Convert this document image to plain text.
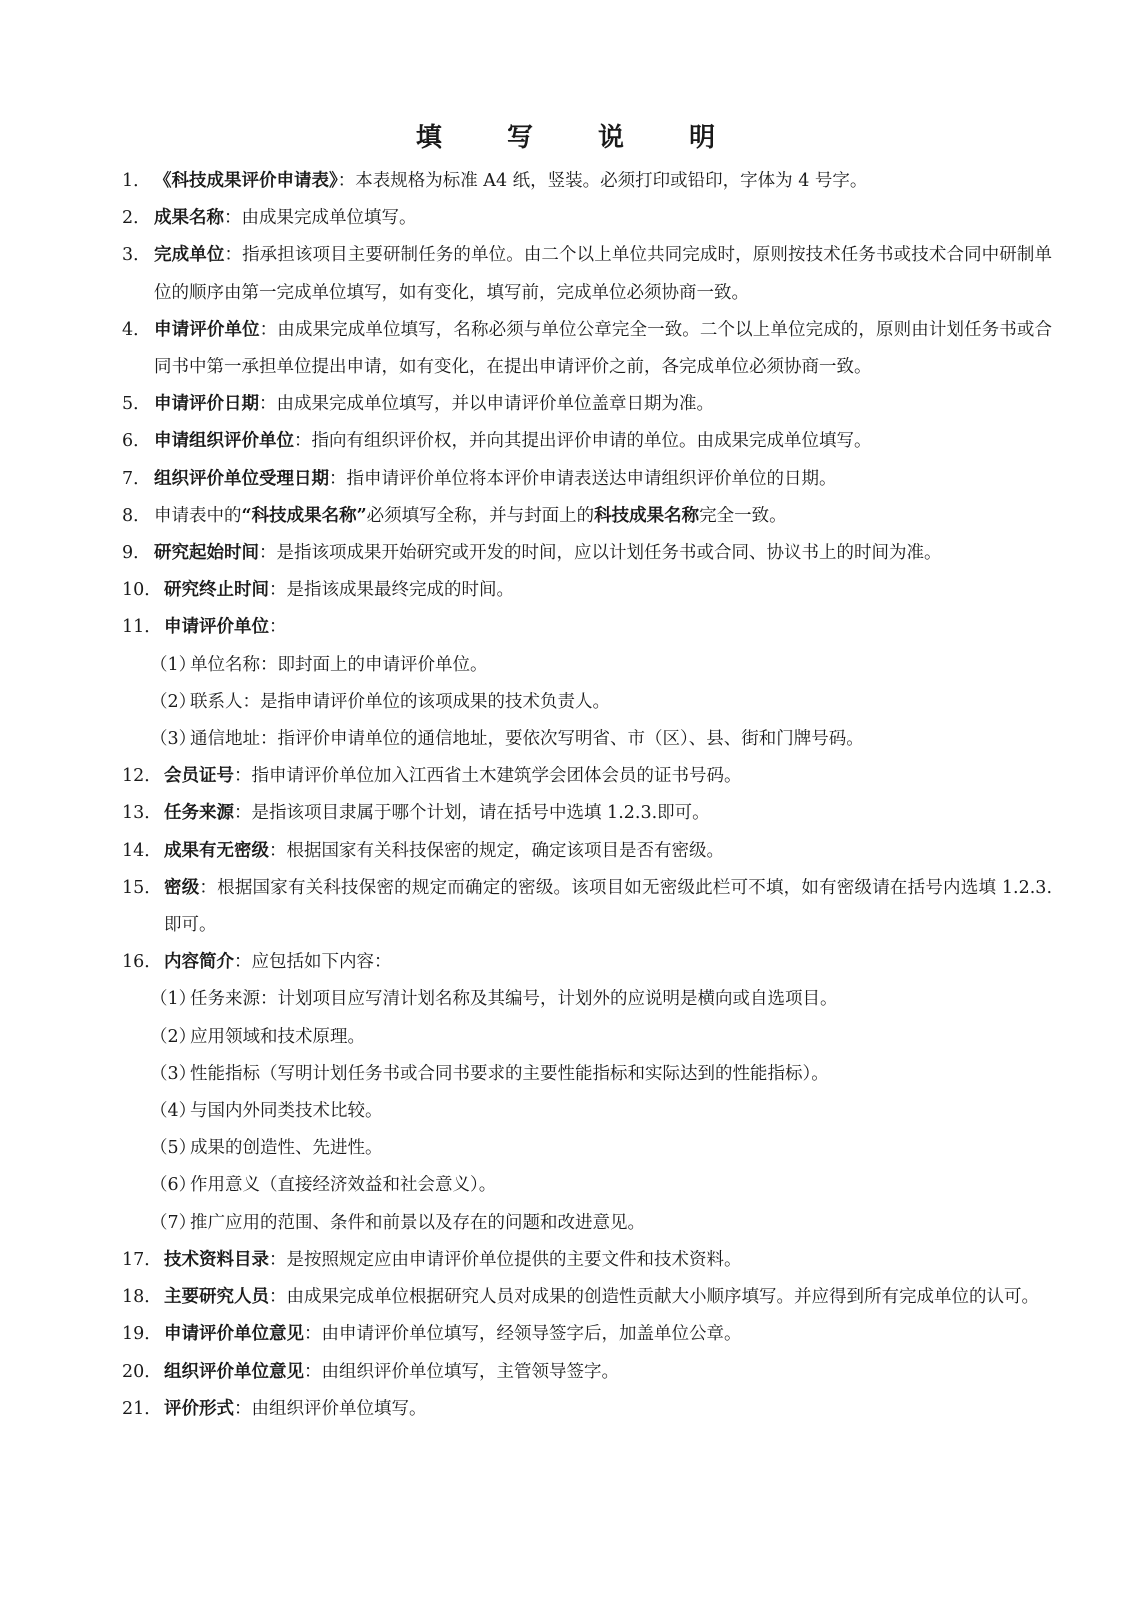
填 写 说 明
1． 《科技成果评价申请表》：本表规格为标准 A4 纸，竖装。必须打印或铅印，字体为 4 号字。
2． 成果名称：由成果完成单位填写。
3． 完成单位：指承担该项目主要研制任务的单位。由二个以上单位共同完成时，原则按技术任务书或技术合同中研制单位的顺序由第一完成单位填写，如有变化，填写前，完成单位必须协商一致。
4． 申请评价单位：由成果完成单位填写，名称必须与单位公章完全一致。二个以上单位完成的，原则由计划任务书或合同书中第一承担单位提出申请，如有变化，在提出申请评价之前，各完成单位必须协商一致。
5． 申请评价日期：由成果完成单位填写，并以申请评价单位盖章日期为准。
6． 申请组织评价单位：指向有组织评价权，并向其提出评价申请的单位。由成果完成单位填写。
7． 组织评价单位受理日期：指申请评价单位将本评价申请表送达申请组织评价单位的日期。
8． 申请表中的“科技成果名称”必须填写全称，并与封面上的科技成果名称完全一致。
9． 研究起始时间：是指该项成果开始研究或开发的时间，应以计划任务书或合同、协议书上的时间为准。
10． 研究终止时间：是指该成果最终完成的时间。
11． 申请评价单位：
（1）单位名称：即封面上的申请评价单位。
（2）联系人：是指申请评价单位的该项成果的技术负责人。
（3）通信地址：指评价申请单位的通信地址，要依次写明省、市（区）、县、街和门牌号码。
12． 会员证号：指申请评价单位加入江西省土木建筑学会团体会员的证书号码。
13． 任务来源：是指该项目隶属于哪个计划，请在括号中选填 1.2.3.即可。
14． 成果有无密级：根据国家有关科技保密的规定，确定该项目是否有密级。
15． 密级：根据国家有关科技保密的规定而确定的密级。该项目如无密级此栏可不填，如有密级请在括号内选填 1.2.3.即可。
16． 内容简介：应包括如下内容：
（1）任务来源：计划项目应写清计划名称及其编号，计划外的应说明是横向或自选项目。
（2）应用领域和技术原理。
（3）性能指标（写明计划任务书或合同书要求的主要性能指标和实际达到的性能指标）。
（4）与国内外同类技术比较。
（5）成果的创造性、先进性。
（6）作用意义（直接经济效益和社会意义）。
（7）推广应用的范围、条件和前景以及存在的问题和改进意见。
17． 技术资料目录：是按照规定应由申请评价单位提供的主要文件和技术资料。
18． 主要研究人员：由成果完成单位根据研究人员对成果的创造性贡献大小顺序填写。并应得到所有完成单位的认可。
19． 申请评价单位意见：由申请评价单位填写，经领导签字后，加盖单位公章。
20． 组织评价单位意见：由组织评价单位填写，主管领导签字。
21． 评价形式：由组织评价单位填写。
